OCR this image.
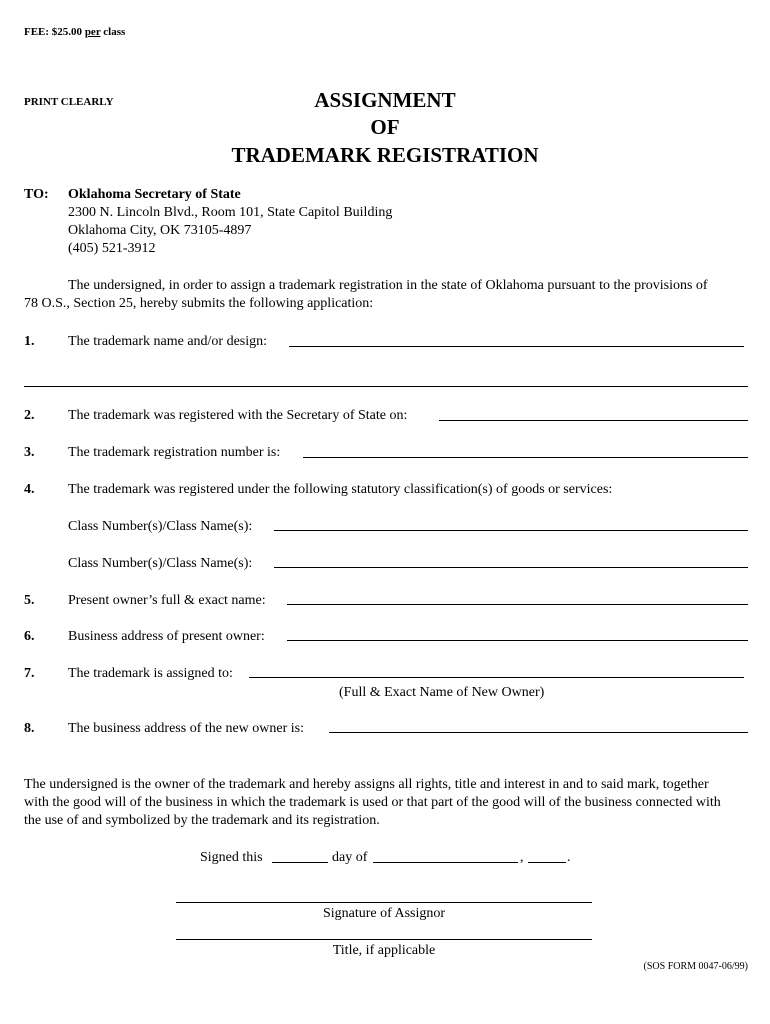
FEE: $25.00 per class
PRINT CLEARLY	ASSIGNMENT
OF
TRADEMARK REGISTRATION
TO: Oklahoma Secretary of State
2300 N. Lincoln Blvd., Room 101, State Capitol Building
Oklahoma City, OK 73105-4897
(405) 521-3912
The undersigned, in order to assign a trademark registration in the state of Oklahoma pursuant to the provisions of
78 O.S., Section 25, hereby submits the following application:
1. The trademark name and/or design:
2. The trademark was registered with the Secretary of State on:
3. The trademark registration number is:
4. The trademark was registered under the following statutory classification(s) of goods or services:
Class Number(s)/Class Name(s):
Class Number(s)/Class Name(s):
5. Present owner’s full & exact name:
6. Business address of present owner:
7. The trademark is assigned to:
(Full & Exact Name of New Owner)
8. The business address of the new owner is:
The undersigned is the owner of the trademark and hereby assigns all rights, title and interest in and to said mark, together
with the good will of the business in which the trademark is used or that part of the good will of the business connected with
the use of and symbolized by the trademark and its registration.
Signed this	day of	,	.
Signature of Assignor
Title, if applicable
(SOS FORM 0047-06/99)
